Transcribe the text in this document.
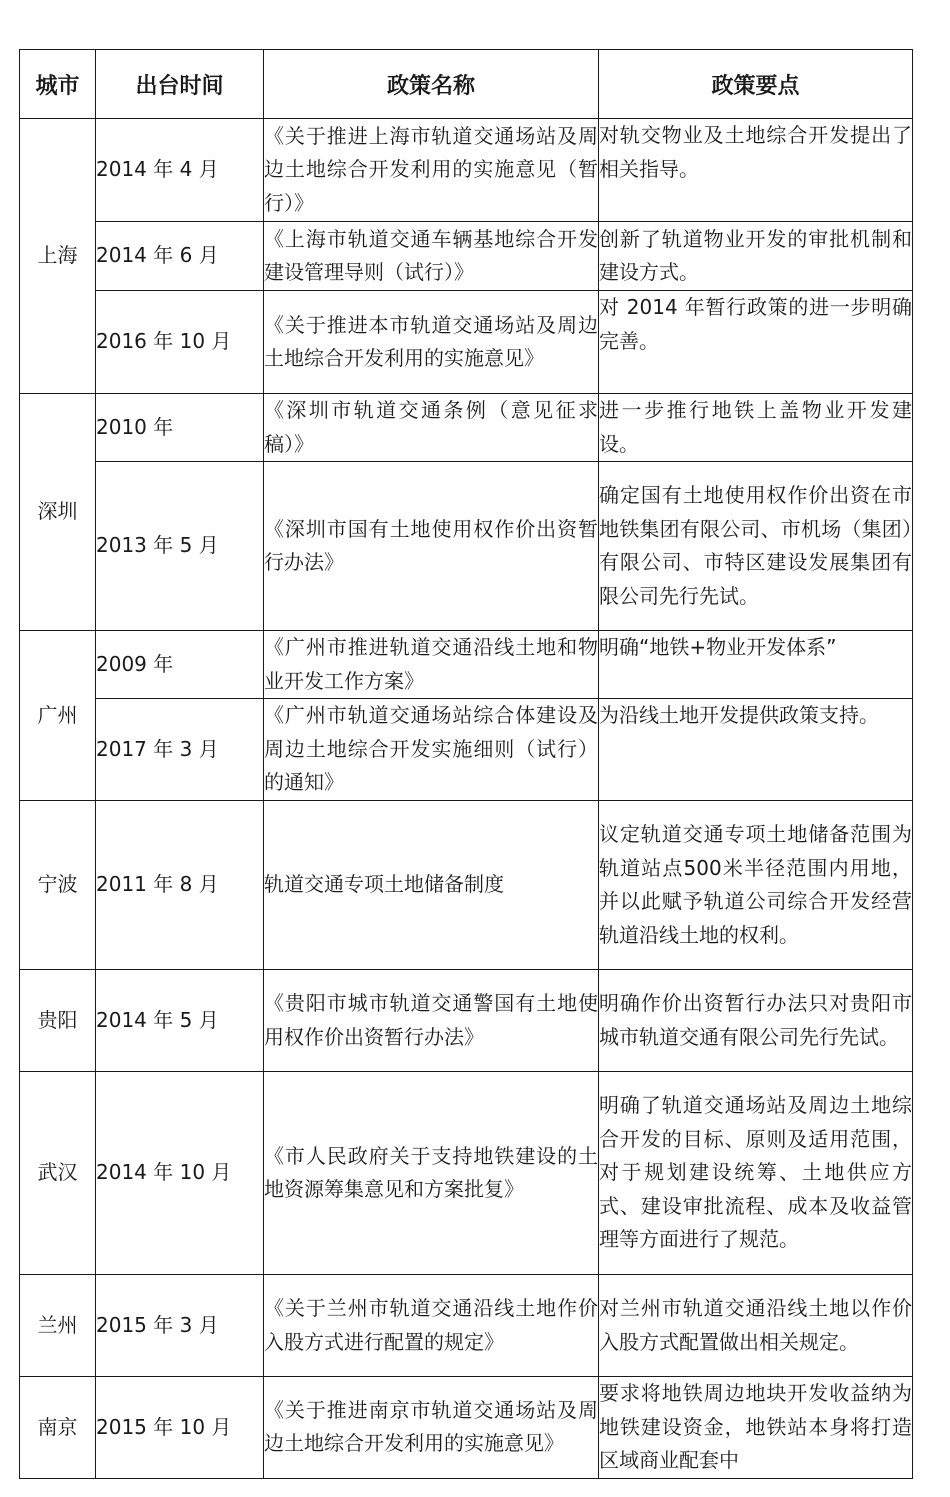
城市	出台时间	政策名称	政策要点
上海	2014 年 4 月	《关于推进上海市轨道交通场站及周边土地综合开发利用的实施意见（暂行）》	对轨交物业及土地综合开发提出了相关指导。
	2014 年 6 月	《上海市轨道交通车辆基地综合开发建设管理导则（试行）》	创新了轨道物业开发的审批机制和建设方式。
	2016 年 10 月	《关于推进本市轨道交通场站及周边土地综合开发利用的实施意见》	对 2014 年暂行政策的进一步明确完善。
深圳	2010 年	《深圳市轨道交通条例（意见征求稿）》	进一步推行地铁上盖物业开发建设。
	2013 年 5 月	《深圳市国有土地使用权作价出资暂行办法》	确定国有土地使用权作价出资在市地铁集团有限公司、市机场（集团）有限公司、市特区建设发展集团有限公司先行先试。
广州	2009 年	《广州市推进轨道交通沿线土地和物业开发工作方案》	明确“地铁+物业开发体系”
	2017 年 3 月	《广州市轨道交通场站综合体建设及周边土地综合开发实施细则（试行）的通知》	为沿线土地开发提供政策支持。
宁波	2011 年 8 月	轨道交通专项土地储备制度	议定轨道交通专项土地储备范围为轨道站点500米半径范围内用地，并以此赋予轨道公司综合开发经营轨道沿线土地的权利。
贵阳	2014 年 5 月	《贵阳市城市轨道交通警国有土地使用权作价出资暂行办法》	明确作价出资暂行办法只对贵阳市城市轨道交通有限公司先行先试。
武汉	2014 年 10 月	《市人民政府关于支持地铁建设的土地资源筹集意见和方案批复》	明确了轨道交通场站及周边土地综合开发的目标、原则及适用范围，对于规划建设统筹、土地供应方式、建设审批流程、成本及收益管理等方面进行了规范。
兰州	2015 年 3 月	《关于兰州市轨道交通沿线土地作价入股方式进行配置的规定》	对兰州市轨道交通沿线土地以作价入股方式配置做出相关规定。
南京	2015 年 10 月	《关于推进南京市轨道交通场站及周边土地综合开发利用的实施意见》	要求将地铁周边地块开发收益纳为地铁建设资金，地铁站本身将打造区域商业配套中
